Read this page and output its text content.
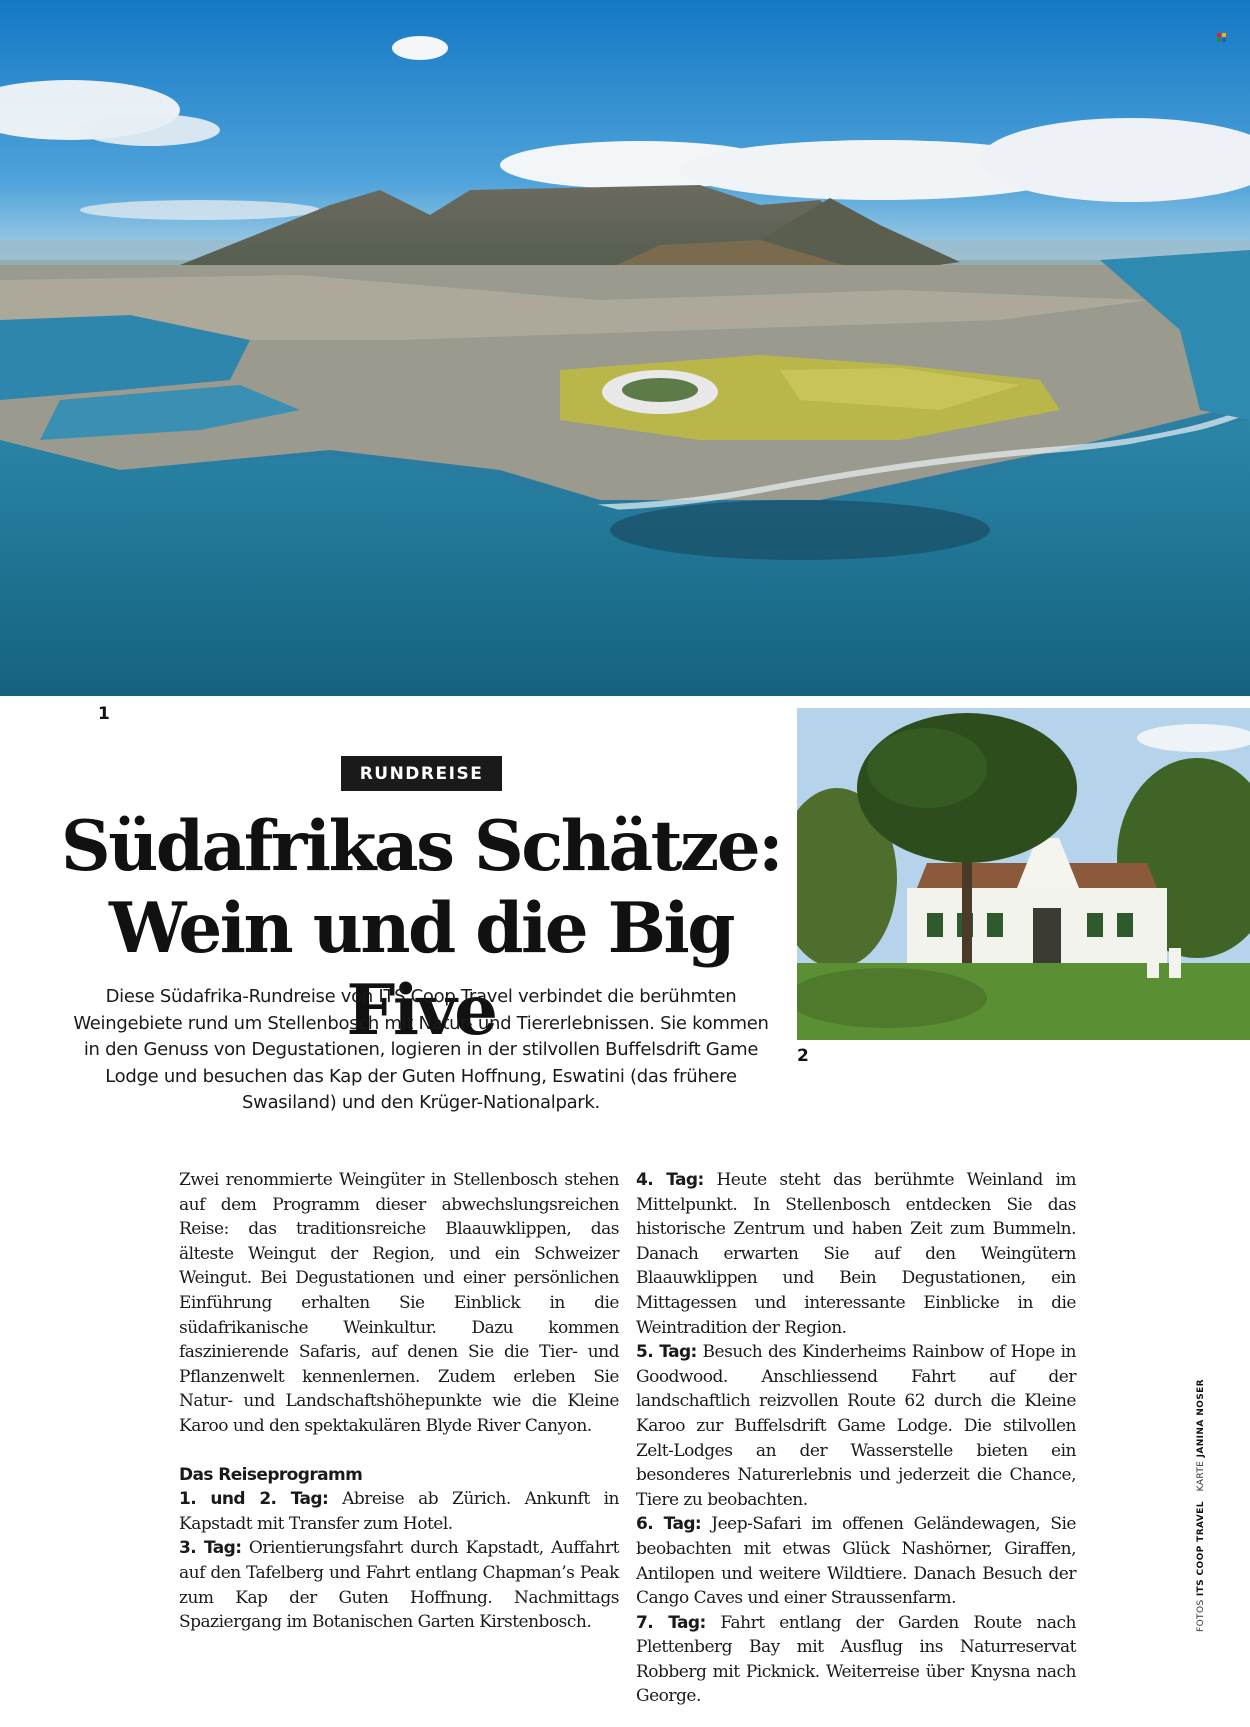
1
2
RUNDREISE
Südafrikas Schätze:
Wein und die Big Five

Diese Südafrika-Rundreise von ITS Coop Travel verbindet die berühmten Weingebiete rund um Stellenbosch mit Natur- und Tiererlebnissen. Sie kommen in den Genuss von Degustationen, logieren in der stilvollen Buffelsdrift Game Lodge und besuchen das Kap der Guten Hoffnung, Eswatini (das frühere Swasiland) und den Krüger-Nationalpark.

Zwei renommierte Weingüter in Stellenbosch stehen auf dem Programm dieser abwechslungsreichen Reise: das traditionsreiche Blaauwklippen, das älteste Weingut der Region, und ein Schweizer Weingut. Bei Degustationen und einer persönlichen Einführung erhalten Sie Einblick in die südafrikanische Weinkultur. Dazu kommen faszinierende Safaris, auf denen Sie die Tier- und Pflanzenwelt kennenlernen. Zudem erleben Sie Natur- und Landschaftshöhepunkte wie die Kleine Karoo und den spektakulären Blyde River Canyon.

Das Reiseprogramm

1. und 2. Tag: Abreise ab Zürich. Ankunft in Kapstadt mit Transfer zum Hotel.

3. Tag: Orientierungsfahrt durch Kapstadt, Auffahrt auf den Tafelberg und Fahrt entlang Chapman’s Peak zum Kap der Guten Hoffnung. Nachmittags Spaziergang im Botanischen Garten Kirstenbosch.

4. Tag: Heute steht das berühmte Weinland im Mittelpunkt. In Stellenbosch entdecken Sie das historische Zentrum und haben Zeit zum Bummeln. Danach erwarten Sie auf den Weingütern Blaauwklippen und Bein Degustationen, ein Mittagessen und interessante Einblicke in die Weintradition der Region.

5. Tag: Besuch des Kinderheims Rainbow of Hope in Goodwood. Anschliessend Fahrt auf der landschaftlich reizvollen Route 62 durch die Kleine Karoo zur Buffelsdrift Game Lodge. Die stilvollen Zelt-Lodges an der Wasserstelle bieten ein besonderes Naturerlebnis und jederzeit die Chance, Tiere zu beobachten.

6. Tag: Jeep-Safari im offenen Geländewagen, Sie beobachten mit etwas Glück Nashörner, Giraffen, Antilopen und weitere Wildtiere. Danach Besuch der Cango Caves und einer Straussenfarm.

7. Tag: Fahrt entlang der Garden Route nach Plettenberg Bay mit Ausflug ins Naturreservat Robberg mit Picknick. Weiterreise über Knysna nach George.

FOTOS ITS COOP TRAVEL   KARTE JANINA NOSER
